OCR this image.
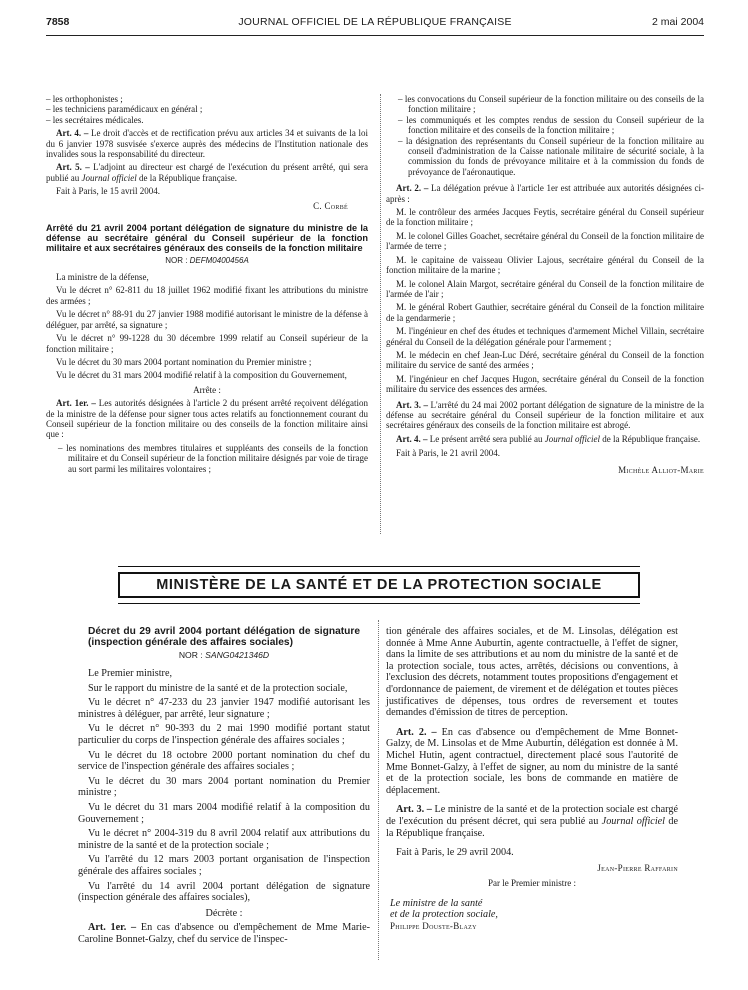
7858	JOURNAL OFFICIEL DE LA RÉPUBLIQUE FRANÇAISE	2 mai 2004

– les orthophonistes ;

– les techniciens paramédicaux en général ;

– les secrétaires médicales.

Art. 4. – Le droit d'accès et de rectification prévu aux articles 34 et suivants de la loi du 6 janvier 1978 susvisée s'exerce auprès des médecins de l'Institution nationale des invalides sous la responsabilité du directeur.

Art. 5. – L'adjoint au directeur est chargé de l'exécution du présent arrêté, qui sera publié au Journal officiel de la République française.

Fait à Paris, le 15 avril 2004.

C. Corbé

Arrêté du 21 avril 2004 portant délégation de signature du ministre de la défense au secrétaire général du Conseil supérieur de la fonction militaire et aux secrétaires généraux des conseils de la fonction militaire
NOR : DEFM0400456A

La ministre de la défense,

Vu le décret n° 62-811 du 18 juillet 1962 modifié fixant les attributions du ministre des armées ;

Vu le décret n° 88-91 du 27 janvier 1988 modifié autorisant le ministre de la défense à déléguer, par arrêté, sa signature ;

Vu le décret n° 99-1228 du 30 décembre 1999 relatif au Conseil supérieur de la fonction militaire ;

Vu le décret du 30 mars 2004 portant nomination du Premier ministre ;

Vu le décret du 31 mars 2004 modifié relatif à la composition du Gouvernement,

Arrête :

Art. 1er. – Les autorités désignées à l'article 2 du présent arrêté reçoivent délégation de la ministre de la défense pour signer tous actes relatifs au fonctionnement courant du Conseil supérieur de la fonction militaire ou des conseils de la fonction militaire ainsi que :

– les nominations des membres titulaires et suppléants des conseils de la fonction militaire et du Conseil supérieur de la fonction militaire désignés par voie de tirage au sort parmi les militaires volontaires ;

– les convocations du Conseil supérieur de la fonction militaire ou des conseils de la fonction militaire ;

– les communiqués et les comptes rendus de session du Conseil supérieur de la fonction militaire et des conseils de la fonction militaire ;

– la désignation des représentants du Conseil supérieur de la fonction militaire au conseil d'administration de la Caisse nationale militaire de sécurité sociale, à la commission du fonds de prévoyance militaire et à la commission du fonds de prévoyance de l'aéronautique.

Art. 2. – La délégation prévue à l'article 1er est attribuée aux autorités désignées ci-après :

M. le contrôleur des armées Jacques Feytis, secrétaire général du Conseil supérieur de la fonction militaire ;

M. le colonel Gilles Goachet, secrétaire général du Conseil de la fonction militaire de l'armée de terre ;

M. le capitaine de vaisseau Olivier Lajous, secrétaire général du Conseil de la fonction militaire de la marine ;

M. le colonel Alain Margot, secrétaire général du Conseil de la fonction militaire de l'armée de l'air ;

M. le général Robert Gauthier, secrétaire général du Conseil de la fonction militaire de la gendarmerie ;

M. l'ingénieur en chef des études et techniques d'armement Michel Villain, secrétaire général du Conseil de la délégation générale pour l'armement ;

M. le médecin en chef Jean-Luc Déré, secrétaire général du Conseil de la fonction militaire du service de santé des armées ;

M. l'ingénieur en chef Jacques Hugon, secrétaire général du Conseil de la fonction militaire du service des essences des armées.

Art. 3. – L'arrêté du 24 mai 2002 portant délégation de signature de la ministre de la défense au secrétaire général du Conseil supérieur de la fonction militaire et aux secrétaires généraux des conseils de la fonction militaire est abrogé.

Art. 4. – Le présent arrêté sera publié au Journal officiel de la République française.

Fait à Paris, le 21 avril 2004.

Michèle Alliot-Marie

MINISTÈRE DE LA SANTÉ ET DE LA PROTECTION SOCIALE
Décret du 29 avril 2004 portant délégation de signature (inspection générale des affaires sociales)
NOR : SANG0421346D

Le Premier ministre,

Sur le rapport du ministre de la santé et de la protection sociale,

Vu le décret n° 47-233 du 23 janvier 1947 modifié autorisant les ministres à déléguer, par arrêté, leur signature ;

Vu le décret n° 90-393 du 2 mai 1990 modifié portant statut particulier du corps de l'inspection générale des affaires sociales ;

Vu le décret du 18 octobre 2000 portant nomination du chef du service de l'inspection générale des affaires sociales ;

Vu le décret du 30 mars 2004 portant nomination du Premier ministre ;

Vu le décret du 31 mars 2004 modifié relatif à la composition du Gouvernement ;

Vu le décret n° 2004-319 du 8 avril 2004 relatif aux attributions du ministre de la santé et de la protection sociale ;

Vu l'arrêté du 12 mars 2003 portant organisation de l'inspection générale des affaires sociales ;

Vu l'arrêté du 14 avril 2004 portant délégation de signature (inspection générale des affaires sociales),

Décrète :

Art. 1er. – En cas d'absence ou d'empêchement de Mme Marie-Caroline Bonnet-Galzy, chef du service de l'inspec-

tion générale des affaires sociales, et de M. Linsolas, délégation est donnée à Mme Anne Auburtin, agente contractuelle, à l'effet de signer, dans la limite de ses attributions et au nom du ministre de la santé et de la protection sociale, tous actes, arrêtés, décisions ou conventions, à l'exclusion des décrets, notamment toutes propositions d'engagement et d'ordonnance de paiement, de virement et de délégation et toutes pièces justificatives de dépenses, tous ordres de reversement et toutes demandes d'émission de titres de perception.

Art. 2. – En cas d'absence ou d'empêchement de Mme Bonnet-Galzy, de M. Linsolas et de Mme Auburtin, délégation est donnée à M. Michel Hutin, agent contractuel, directement placé sous l'autorité de Mme Bonnet-Galzy, à l'effet de signer, au nom du ministre de la santé et de la protection sociale, les bons de commande en matière de déplacement.

Art. 3. – Le ministre de la santé et de la protection sociale est chargé de l'exécution du présent décret, qui sera publié au Journal officiel de la République française.

Fait à Paris, le 29 avril 2004.

Jean-Pierre Raffarin

Par le Premier ministre :

Le ministre de la santé
et de la protection sociale,
Philippe Douste-Blazy
